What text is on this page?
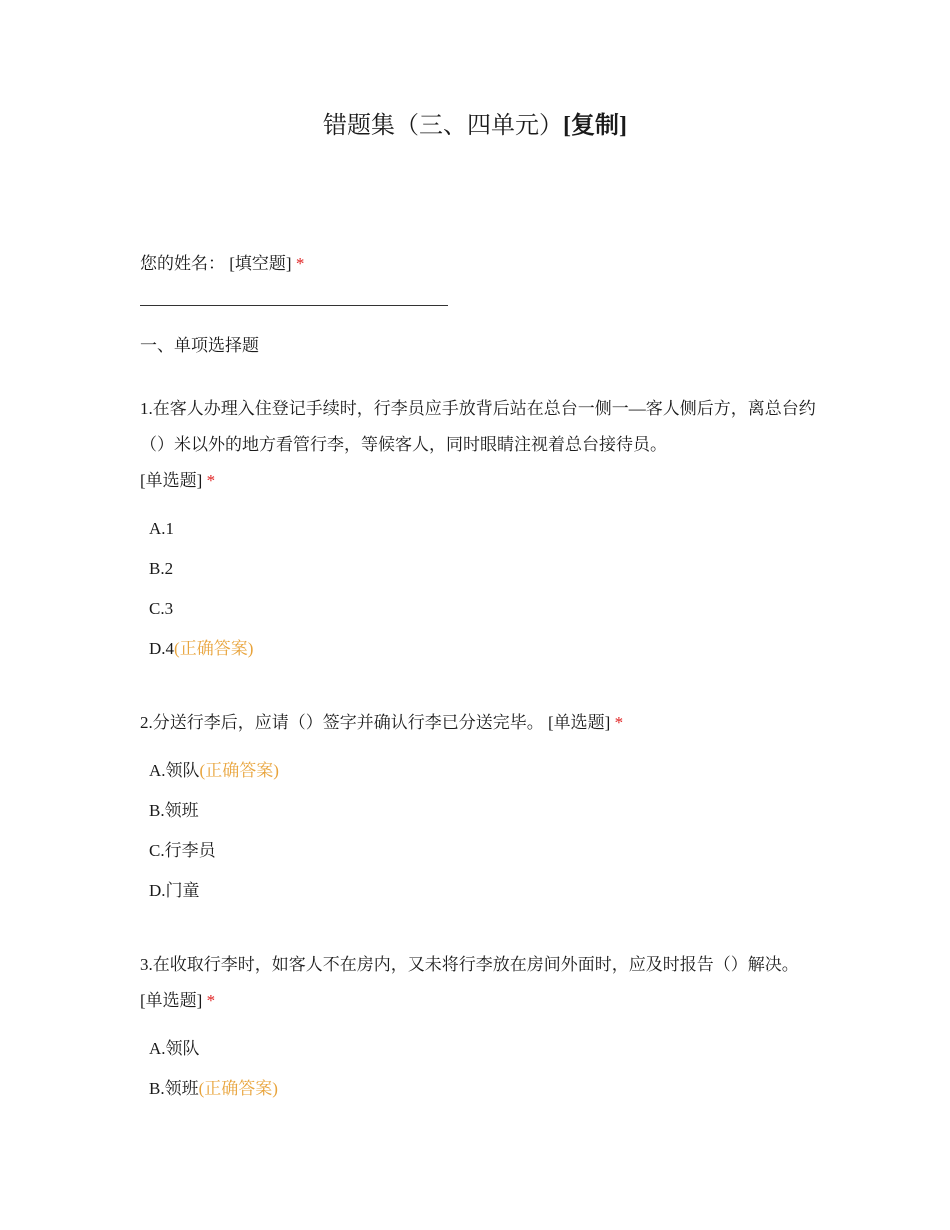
错题集（三、四单元）[复制]
您的姓名： [填空题] *
一、单项选择题
1.在客人办理入住登记手续时，行李员应手放背后站在总台一侧一—客人侧后方，离总台约（）米以外的地方看管行李，等候客人，同时眼睛注视着总台接待员。
[单选题] *
A.1
B.2
C.3
D.4(正确答案)
2.分送行李后，应请（）签字并确认行李已分送完毕。 [单选题] *
A.领队(正确答案)
B.领班
C.行李员
D.门童
3.在收取行李时，如客人不在房内，又未将行李放在房间外面时，应及时报告（）解决。 [单选题] *
A.领队
B.领班(正确答案)
